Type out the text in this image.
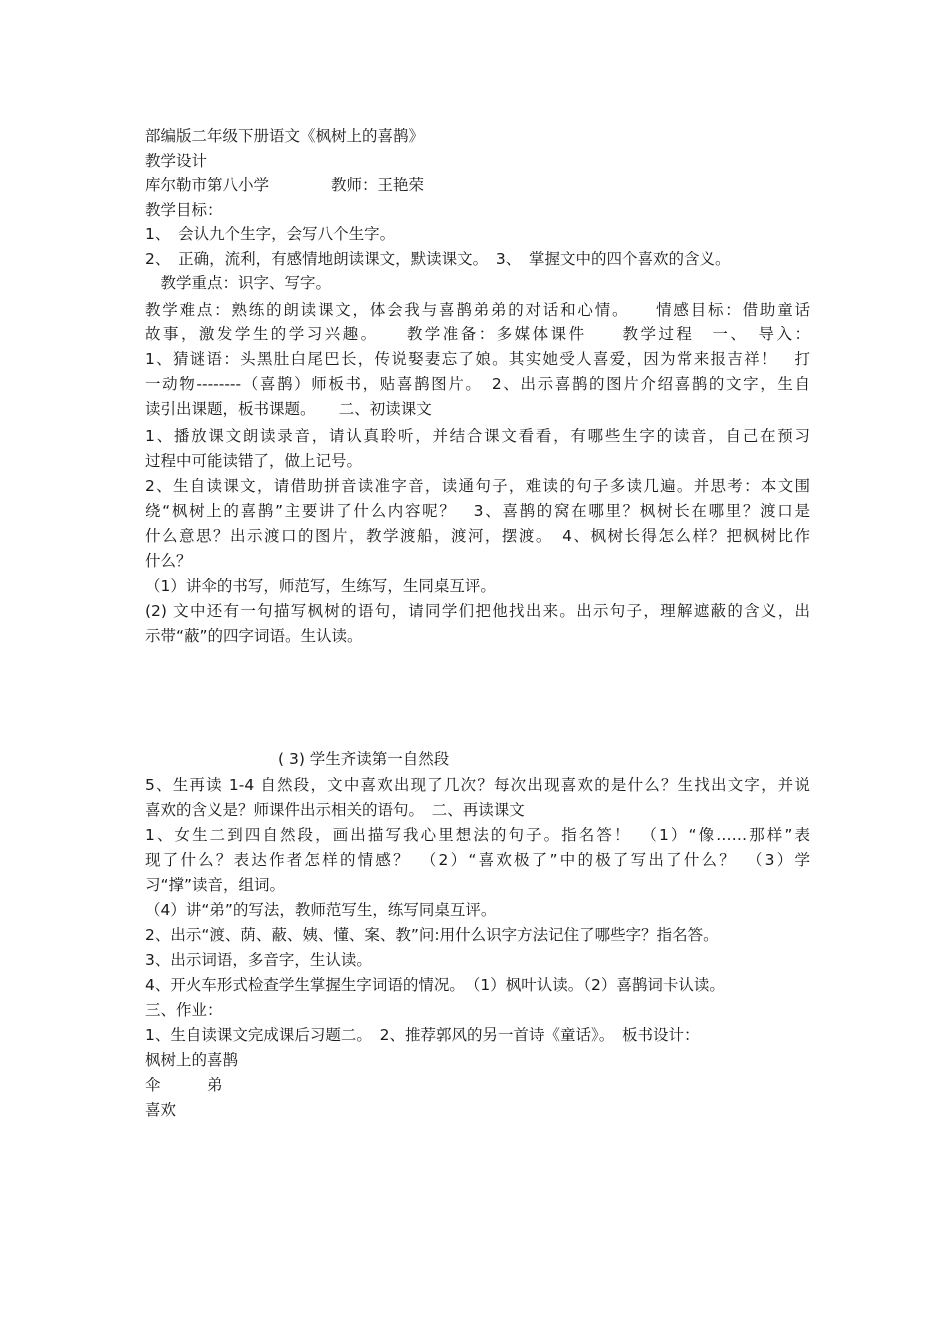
部编版二年级下册语文《枫树上的喜鹊》
教学设计
库尔勒市第八小学　　　　教师：王艳荣
教学目标：
1、　会认九个生字，会写八个生字。
2、　正确，流利，有感情地朗读课文，默读课文。　3、　掌握文中的四个喜欢的含义。
　教学重点：识字、写字。
教学难点：熟练的朗读课文，体会我与喜鹊弟弟的对话和心情。　　情感目标：借助童话
故事，激发学生的学习兴趣。　　教学准备：多媒体课件　　教学过程　一、　导入：
1、猜谜语：头黑肚白尾巴长，传说娶妻忘了娘。其实她受人喜爱，因为常来报吉祥！　打
一动物--------（喜鹊）师板书，贴喜鹊图片。　2、出示喜鹊的图片介绍喜鹊的文字，生自
读引出课题，板书课题。　　二、初读课文
1、播放课文朗读录音，请认真聆听，并结合课文看看，有哪些生字的读音，自己在预习
过程中可能读错了，做上记号。
2、生自读课文，请借助拼音读准字音，读通句子，难读的句子多读几遍。并思考：本文围
绕“枫树上的喜鹊”主要讲了什么内容呢？　3、喜鹊的窝在哪里？枫树长在哪里？渡口是
什么意思？出示渡口的图片，教学渡船，渡河，摆渡。　4、枫树长得怎么样？把枫树比作
什么？
（1）讲伞的书写，师范写，生练写，生同桌互评。
(2) 文中还有一句描写枫树的语句，请同学们把他找出来。出示句子，理解遮蔽的含义，出
示带“蔽”的四字词语。生认读。
( 3) 学生齐读第一自然段
5、生再读 1-4 自然段，文中喜欢出现了几次？每次出现喜欢的是什么？生找出文字，并说
喜欢的含义是？师课件出示相关的语句。　二、再读课文
1、女生二到四自然段，画出描写我心里想法的句子。指名答！　（1）“像……那样”表
现了什么？表达作者怎样的情感？　（2）“喜欢极了”中的极了写出了什么？　（3）学
习“撑”读音，组词。
（4）讲“弟”的写法，教师范写生，练写同桌互评。
2、出示“渡、荫、蔽、姨、懂、案、教”问:用什么识字方法记住了哪些字？指名答。
3、出示词语，多音字，生认读。
4、开火车形式检查学生掌握生字词语的情况。　（1）枫叶认读。（2）喜鹊词卡认读。
三、作业：
1、生自读课文完成课后习题二。　2、推荐郭风的另一首诗《童话》。　板书设计：
枫树上的喜鹊
伞　　　弟
喜欢
